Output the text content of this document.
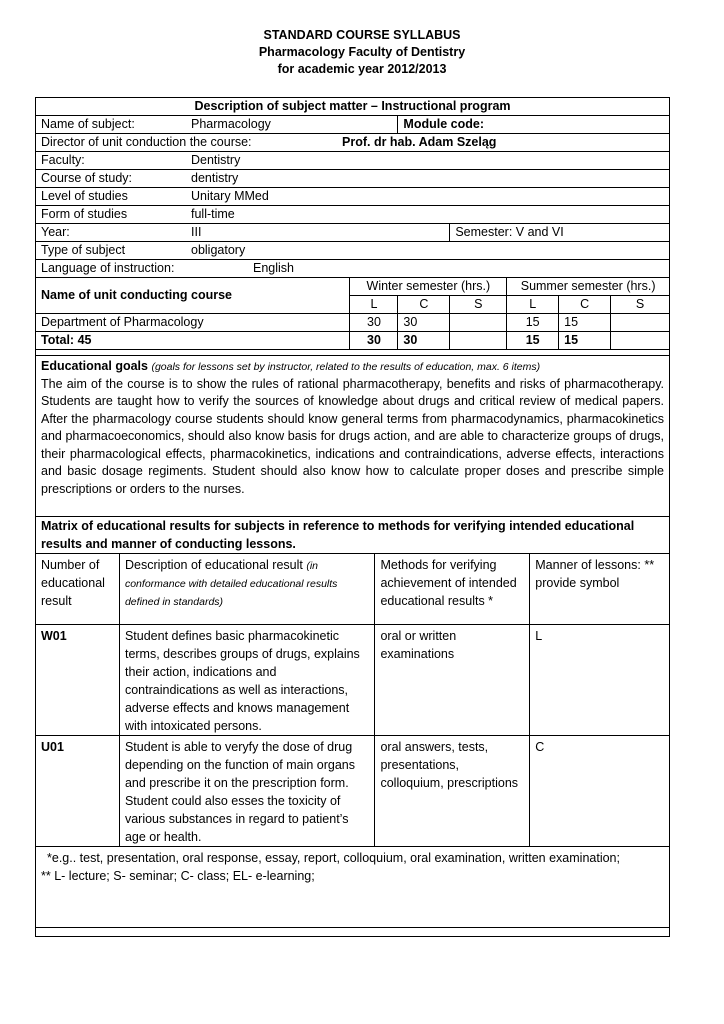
STANDARD COURSE SYLLABUS
Pharmacology Faculty of Dentistry
for academic year 2012/2013
Description of subject matter – Instructional program						
Name of subject: Pharmacology		Module code:				
Director of unit conduction the course: Prof. dr hab. Adam Szeląg						
Faculty: Dentistry						
Course of study: dentistry						
Level of studies Unitary MMed						
Form of studies full-time						
Year: III			Semester: V and VI			
Type of subject obligatory						
Language of instruction: English						
Name of unit conducting course	Winter semester (hrs.)			Summer semester (hrs.)		
	L	C	S	L	C	S
Department of Pharmacology	30	30		15	15	
Total: 45	30	30		15	15	
Educational goals (goals for lessons set by instructor, related to the results of education, max. 6 items)
The aim of the course is to show the rules of rational pharmacotherapy, benefits and risks of pharmacotherapy. Students are taught how to verify the sources of knowledge about drugs and critical review of medical papers. After the pharmacology course students should know general terms from pharmacodynamics, pharmacokinetics and pharmacoeconomics, should also know basis for drugs action, and are able to characterize groups of drugs, their pharmacological effects, pharmacokinetics, indications and contraindications, adverse effects, interactions and basic dosage regiments. Student should also know how to calculate proper doses and prescribe simple prescriptions or orders to the nurses.			

Matrix of educational results for subjects in reference to methods for verifying intended educational results and manner of conducting lessons.			
Number of educational result	Description of educational result (in conformance with detailed educational results defined in standards)	Methods for verifying achievement of intended educational results *	Manner of lessons: ** provide symbol
W01	Student defines basic pharmacokinetic terms, describes groups of drugs, explains their action, indications and contraindications as well as interactions, adverse effects and knows management with intoxicated persons.	oral or written examinations	L
U01	Student is able to veryfy the dose of drug depending on the function of main organs and prescribe it on the prescription form. Student could also esses the toxicity of various substances in regard to patient’s age or health.	oral answers, tests, presentations, colloquium, prescriptions	C

*e.g.. test, presentation, oral response, essay, report, colloquium, oral examination, written examination;
** L- lecture; S- seminar; C- class; EL- e-learning;			
